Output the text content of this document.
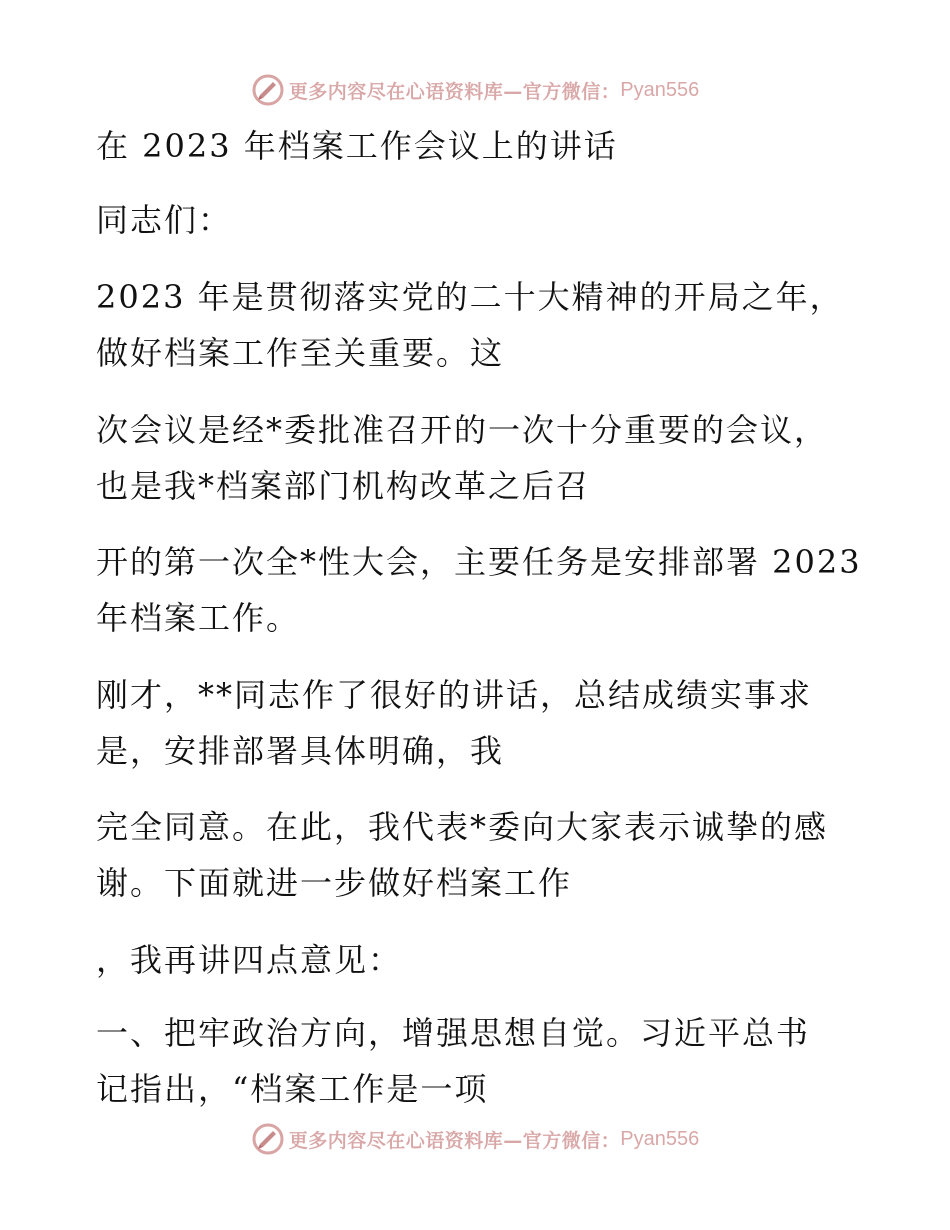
更多内容尽在心语资料库—官方微信： Pyan556
在 2023 年档案工作会议上的讲话
同志们：
2023 年是贯彻落实党的二十大精神的开局之年，
做好档案工作至关重要。这
次会议是经*委批准召开的一次十分重要的会议，
也是我*档案部门机构改革之后召
开的第一次全*性大会，主要任务是安排部署 2023
年档案工作。
刚才，**同志作了很好的讲话，总结成绩实事求
是，安排部署具体明确，我
完全同意。在此，我代表*委向大家表示诚挚的感
谢。下面就进一步做好档案工作
，我再讲四点意见：
一、把牢政治方向，增强思想自觉。习近平总书
记指出，“档案工作是一项
更多内容尽在心语资料库—官方微信： Pyan556
